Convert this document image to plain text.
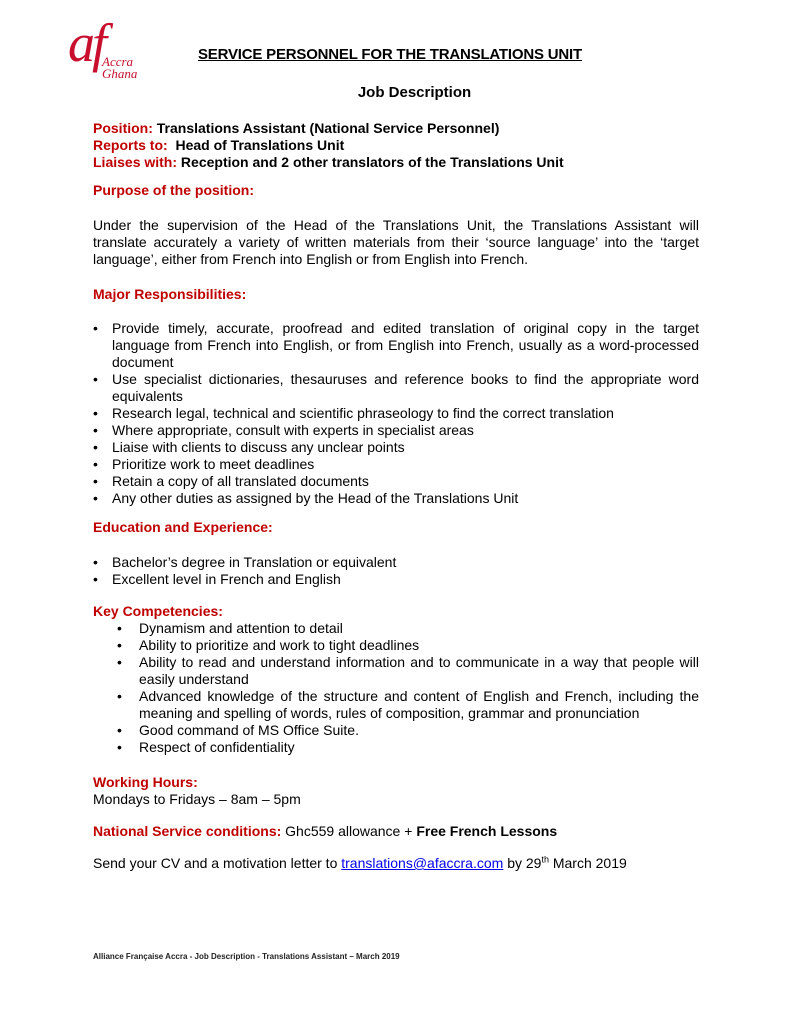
af
Accra
Ghana
SERVICE PERSONNEL FOR THE TRANSLATIONS UNIT
Job Description
Position: Translations Assistant (National Service Personnel)
Reports to: Head of Translations Unit
Liaises with: Reception and 2 other translators of the Translations Unit
Purpose of the position:
Under the supervision of the Head of the Translations Unit, the Translations Assistant will translate accurately a variety of written materials from their ‘source language’ into the ‘target language’, either from French into English or from English into French.
Major Responsibilities:
• Provide timely, accurate, proofread and edited translation of original copy in the target language from French into English, or from English into French, usually as a word-processed document
• Use specialist dictionaries, thesauruses and reference books to find the appropriate word equivalents
• Research legal, technical and scientific phraseology to find the correct translation
• Where appropriate, consult with experts in specialist areas
• Liaise with clients to discuss any unclear points
• Prioritize work to meet deadlines
• Retain a copy of all translated documents
• Any other duties as assigned by the Head of the Translations Unit
Education and Experience:
• Bachelor’s degree in Translation or equivalent
• Excellent level in French and English
Key Competencies:
• Dynamism and attention to detail
• Ability to prioritize and work to tight deadlines
• Ability to read and understand information and to communicate in a way that people will easily understand
• Advanced knowledge of the structure and content of English and French, including the meaning and spelling of words, rules of composition, grammar and pronunciation
• Good command of MS Office Suite.
• Respect of confidentiality
Working Hours:
Mondays to Fridays – 8am – 5pm
National Service conditions: Ghc559 allowance + Free French Lessons
Send your CV and a motivation letter to translations@afaccra.com by 29th March 2019
Alliance Française Accra - Job Description - Translations Assistant – March 2019
